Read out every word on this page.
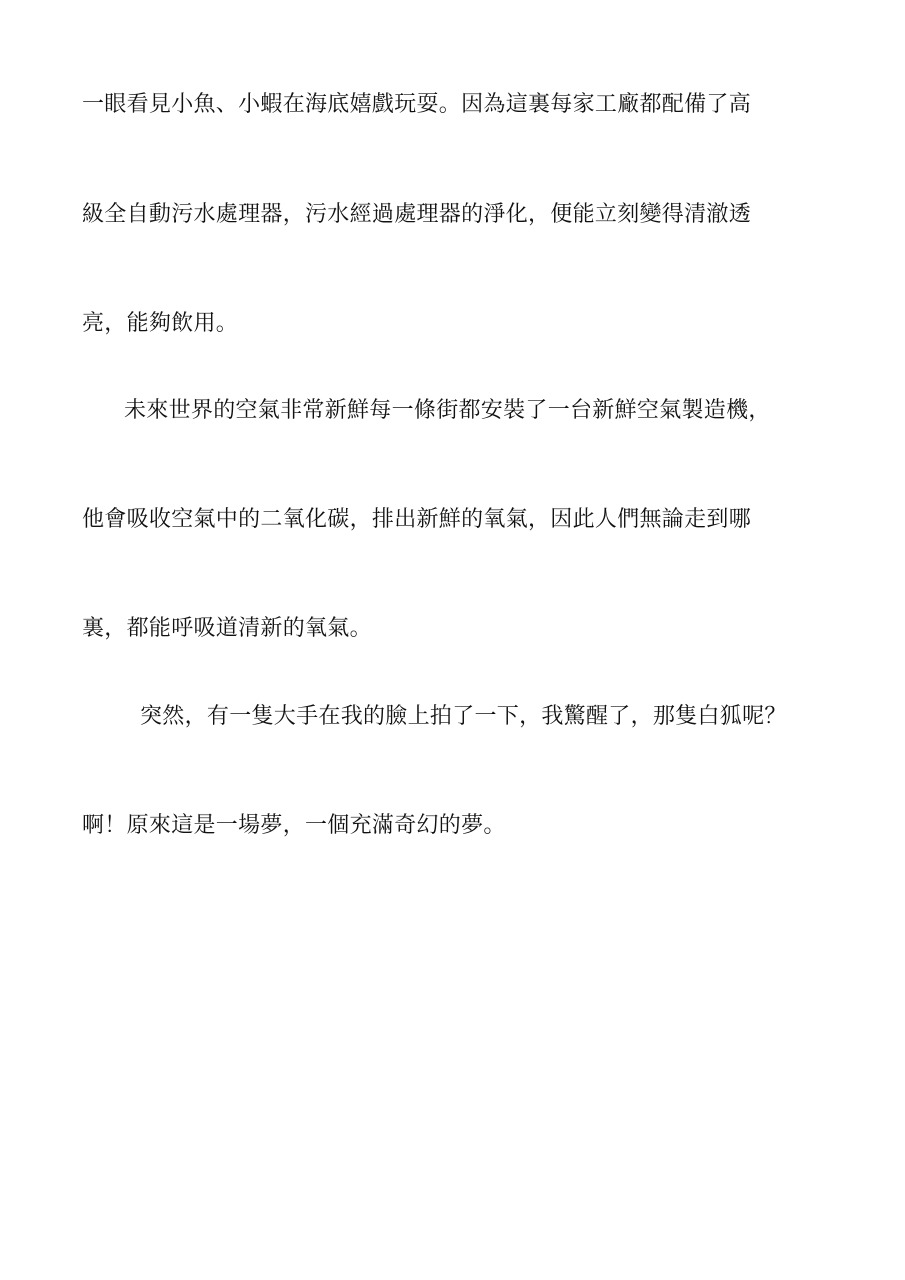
一眼看見小魚、小蝦在海底嬉戲玩耍。因為這裏每家工廠都配備了高
級全自動污水處理器，污水經過處理器的淨化，便能立刻變得清澈透
亮，能夠飲用。
未來世界的空氣非常新鮮每一條街都安裝了一台新鮮空氣製造機，
他會吸收空氣中的二氧化碳，排出新鮮的氧氣，因此人們無論走到哪
裏，都能呼吸道清新的氧氣。
突然，有一隻大手在我的臉上拍了一下，我驚醒了，那隻白狐呢？
啊！原來這是一場夢，一個充滿奇幻的夢。
